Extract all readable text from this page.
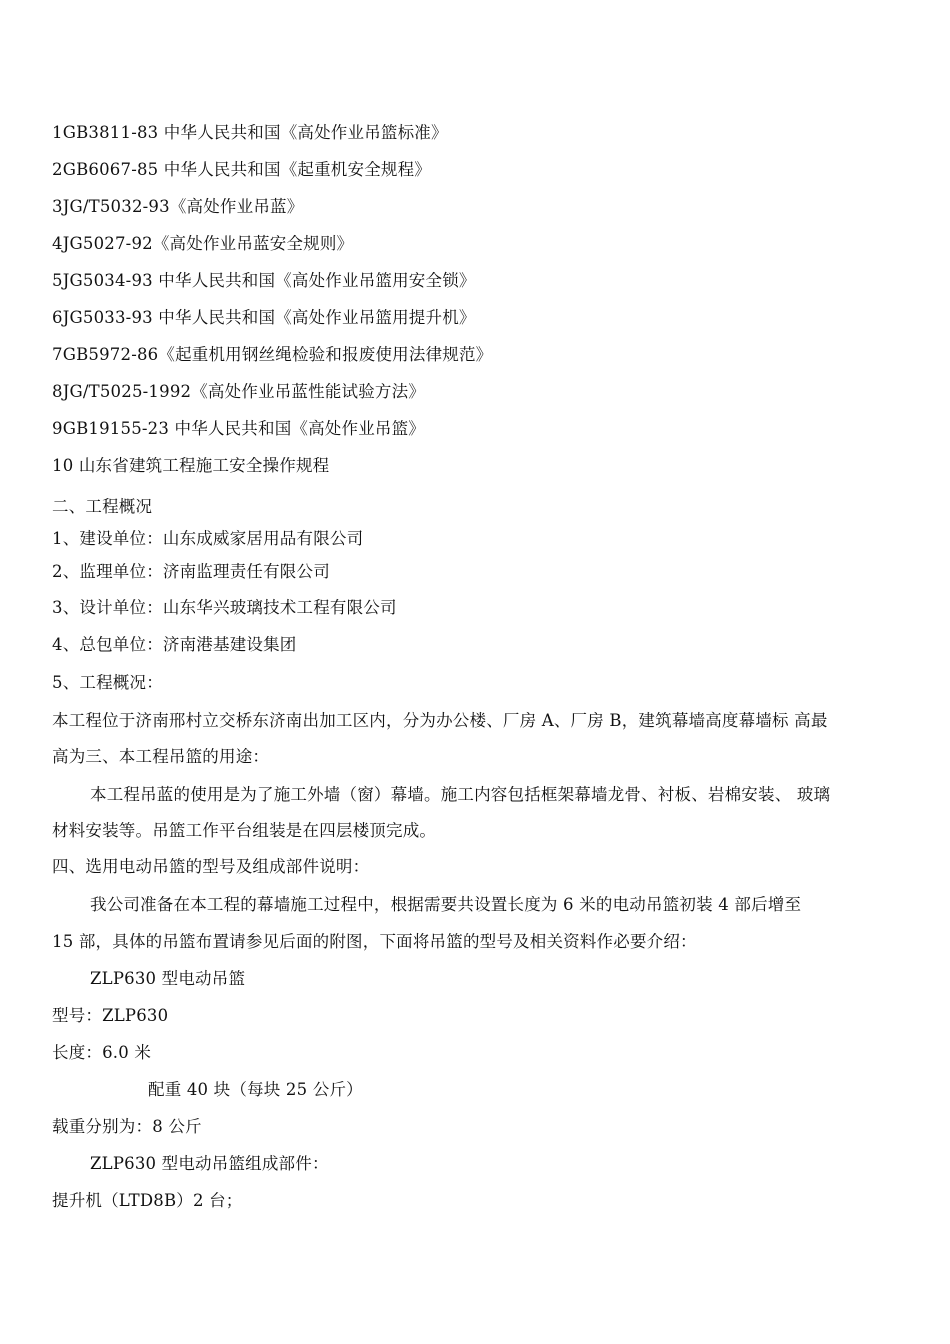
1GB3811-83 中华人民共和国《高处作业吊篮标准》
2GB6067-85 中华人民共和国《起重机安全规程》
3JG/T5032-93《高处作业吊蓝》
4JG5027-92《高处作业吊蓝安全规则》
5JG5034-93 中华人民共和国《高处作业吊篮用安全锁》
6JG5033-93 中华人民共和国《高处作业吊篮用提升机》
7GB5972-86《起重机用钢丝绳检验和报废使用法律规范》
8JG/T5025-1992《高处作业吊蓝性能试验方法》
9GB19155-23 中华人民共和国《高处作业吊篮》
10 山东省建筑工程施工安全操作规程
二、工程概况
1、建设单位：山东成威家居用品有限公司
2、监理单位：济南监理责任有限公司
3、设计单位：山东华兴玻璃技术工程有限公司
4、总包单位：济南港基建设集团
5、工程概况：
本工程位于济南邢村立交桥东济南出加工区内，分为办公楼、厂房 A、厂房 B，建筑幕墙高度幕墙标 高最
高为三、本工程吊篮的用途：
本工程吊蓝的使用是为了施工外墙（窗）幕墙。施工内容包括框架幕墙龙骨、衬板、岩棉安装、 玻璃
材料安装等。吊篮工作平台组装是在四层楼顶完成。
四、选用电动吊篮的型号及组成部件说明：
我公司准备在本工程的幕墙施工过程中，根据需要共设置长度为 6 米的电动吊篮初装 4 部后增至
15 部，具体的吊篮布置请参见后面的附图，下面将吊篮的型号及相关资料作必要介绍：
ZLP630 型电动吊篮
型号：ZLP630
长度：6.0 米
配重 40 块（每块 25 公斤）
载重分别为：8 公斤
ZLP630 型电动吊篮组成部件：
提升机（LTD8B）2 台；
